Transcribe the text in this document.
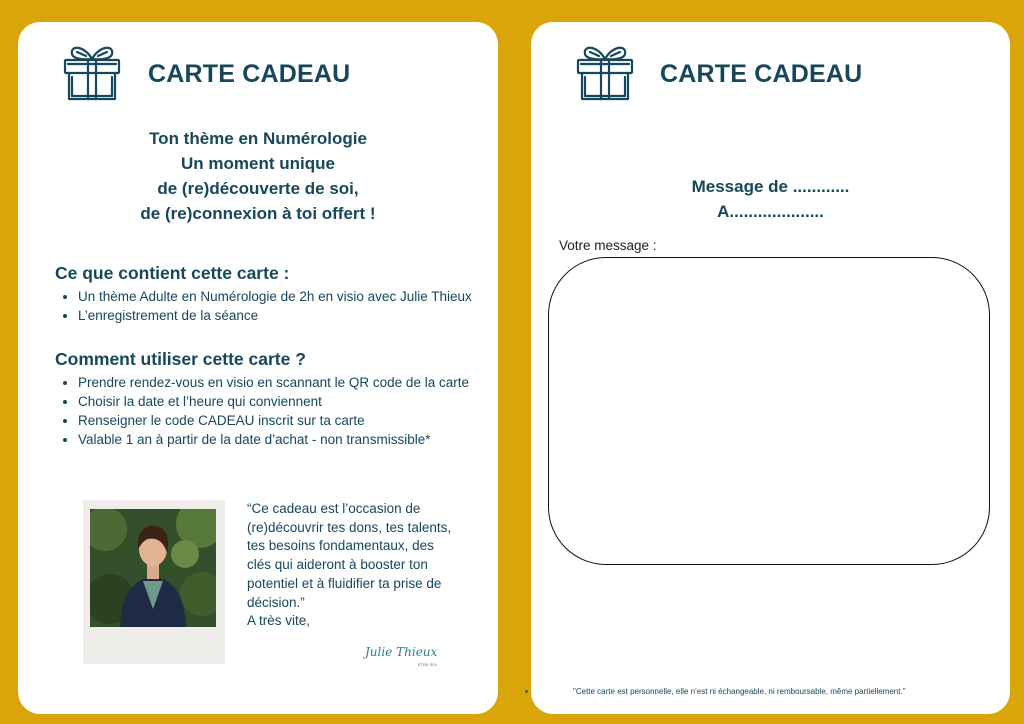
CARTE CADEAU
Ton thème en Numérologie
Un moment unique
de (re)découverte de soi,
de (re)connexion à toi offert !
Ce que contient cette carte :
• Un thème Adulte en Numérologie de 2h en visio avec Julie Thieux
• L’enregistrement de la séance
Comment utiliser cette carte ?
• Prendre rendez-vous en visio en scannant le QR code de la carte
• Choisir la date et l’heure qui conviennent
• Renseigner le code CADEAU inscrit sur ta carte
• Valable 1 an à partir de la date d’achat - non transmissible*
“Ce cadeau est l’occasion de
(re)découvrir tes dons, tes talents,
tes besoins fondamentaux, des
clés qui aideront à booster ton
potentiel et à fluidifier ta prise de
décision.”
A très vite,
Julie Thieux
ÊTRE SOI
CARTE CADEAU
Message de ............
A....................
Votre message :
"Cette carte est personnelle, elle n’est ni échangeable, ni remboursable, même partiellement."
